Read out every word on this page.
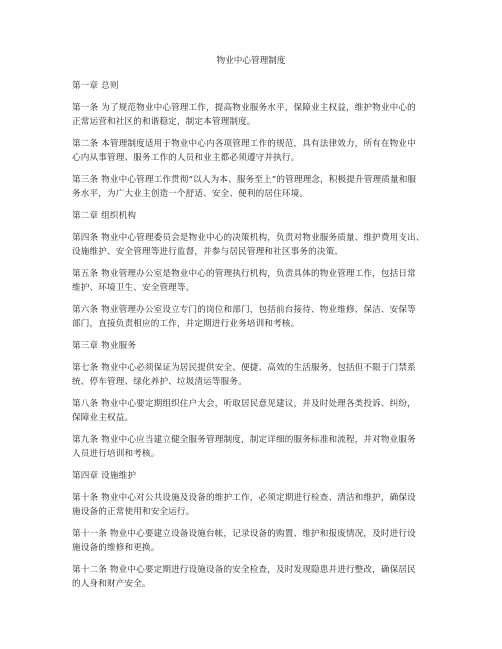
物业中心管理制度
第一章 总则
第一条 为了规范物业中心管理工作，提高物业服务水平，保障业主权益，维护物业中心的
正常运营和社区的和谐稳定，制定本管理制度。
第二条 本管理制度适用于物业中心内各项管理工作的规范，具有法律效力，所有在物业中
心内从事管理、服务工作的人员和业主都必须遵守并执行。
第三条 物业中心管理工作贯彻“以人为本、服务至上”的管理理念，积极提升管理质量和服
务水平，为广大业主创造一个舒适、安全、便利的居住环境。
第二章 组织机构
第四条 物业中心管理委员会是物业中心的决策机构，负责对物业服务质量、维护费用支出、
设施维护、安全管理等进行监督，并参与居民管理和社区事务的决策。
第五条 物业管理办公室是物业中心的管理执行机构，负责具体的物业管理工作，包括日常
维护、环境卫生、安全管理等。
第六条 物业管理办公室设立专门的岗位和部门，包括前台接待、物业维修、保洁、安保等
部门，直接负责相应的工作，并定期进行业务培训和考核。
第三章 物业服务
第七条 物业中心必须保证为居民提供安全、便捷、高效的生活服务，包括但不限于门禁系
统、停车管理、绿化养护、垃圾清运等服务。
第八条 物业中心要定期组织住户大会，听取居民意见建议，并及时处理各类投诉、纠纷，
保障业主权益。
第九条 物业中心应当建立健全服务管理制度，制定详细的服务标准和流程，并对物业服务
人员进行培训和考核。
第四章 设施维护
第十条 物业中心对公共设施及设备的维护工作，必须定期进行检查、清洁和维护，确保设
施设备的正常使用和安全运行。
第十一条 物业中心要建立设备设施台帐，记录设备的购置、维护和报废情况，及时进行设
施设备的维修和更换。
第十二条 物业中心要定期进行设施设备的安全检查，及时发现隐患并进行整改，确保居民
的人身和财产安全。
